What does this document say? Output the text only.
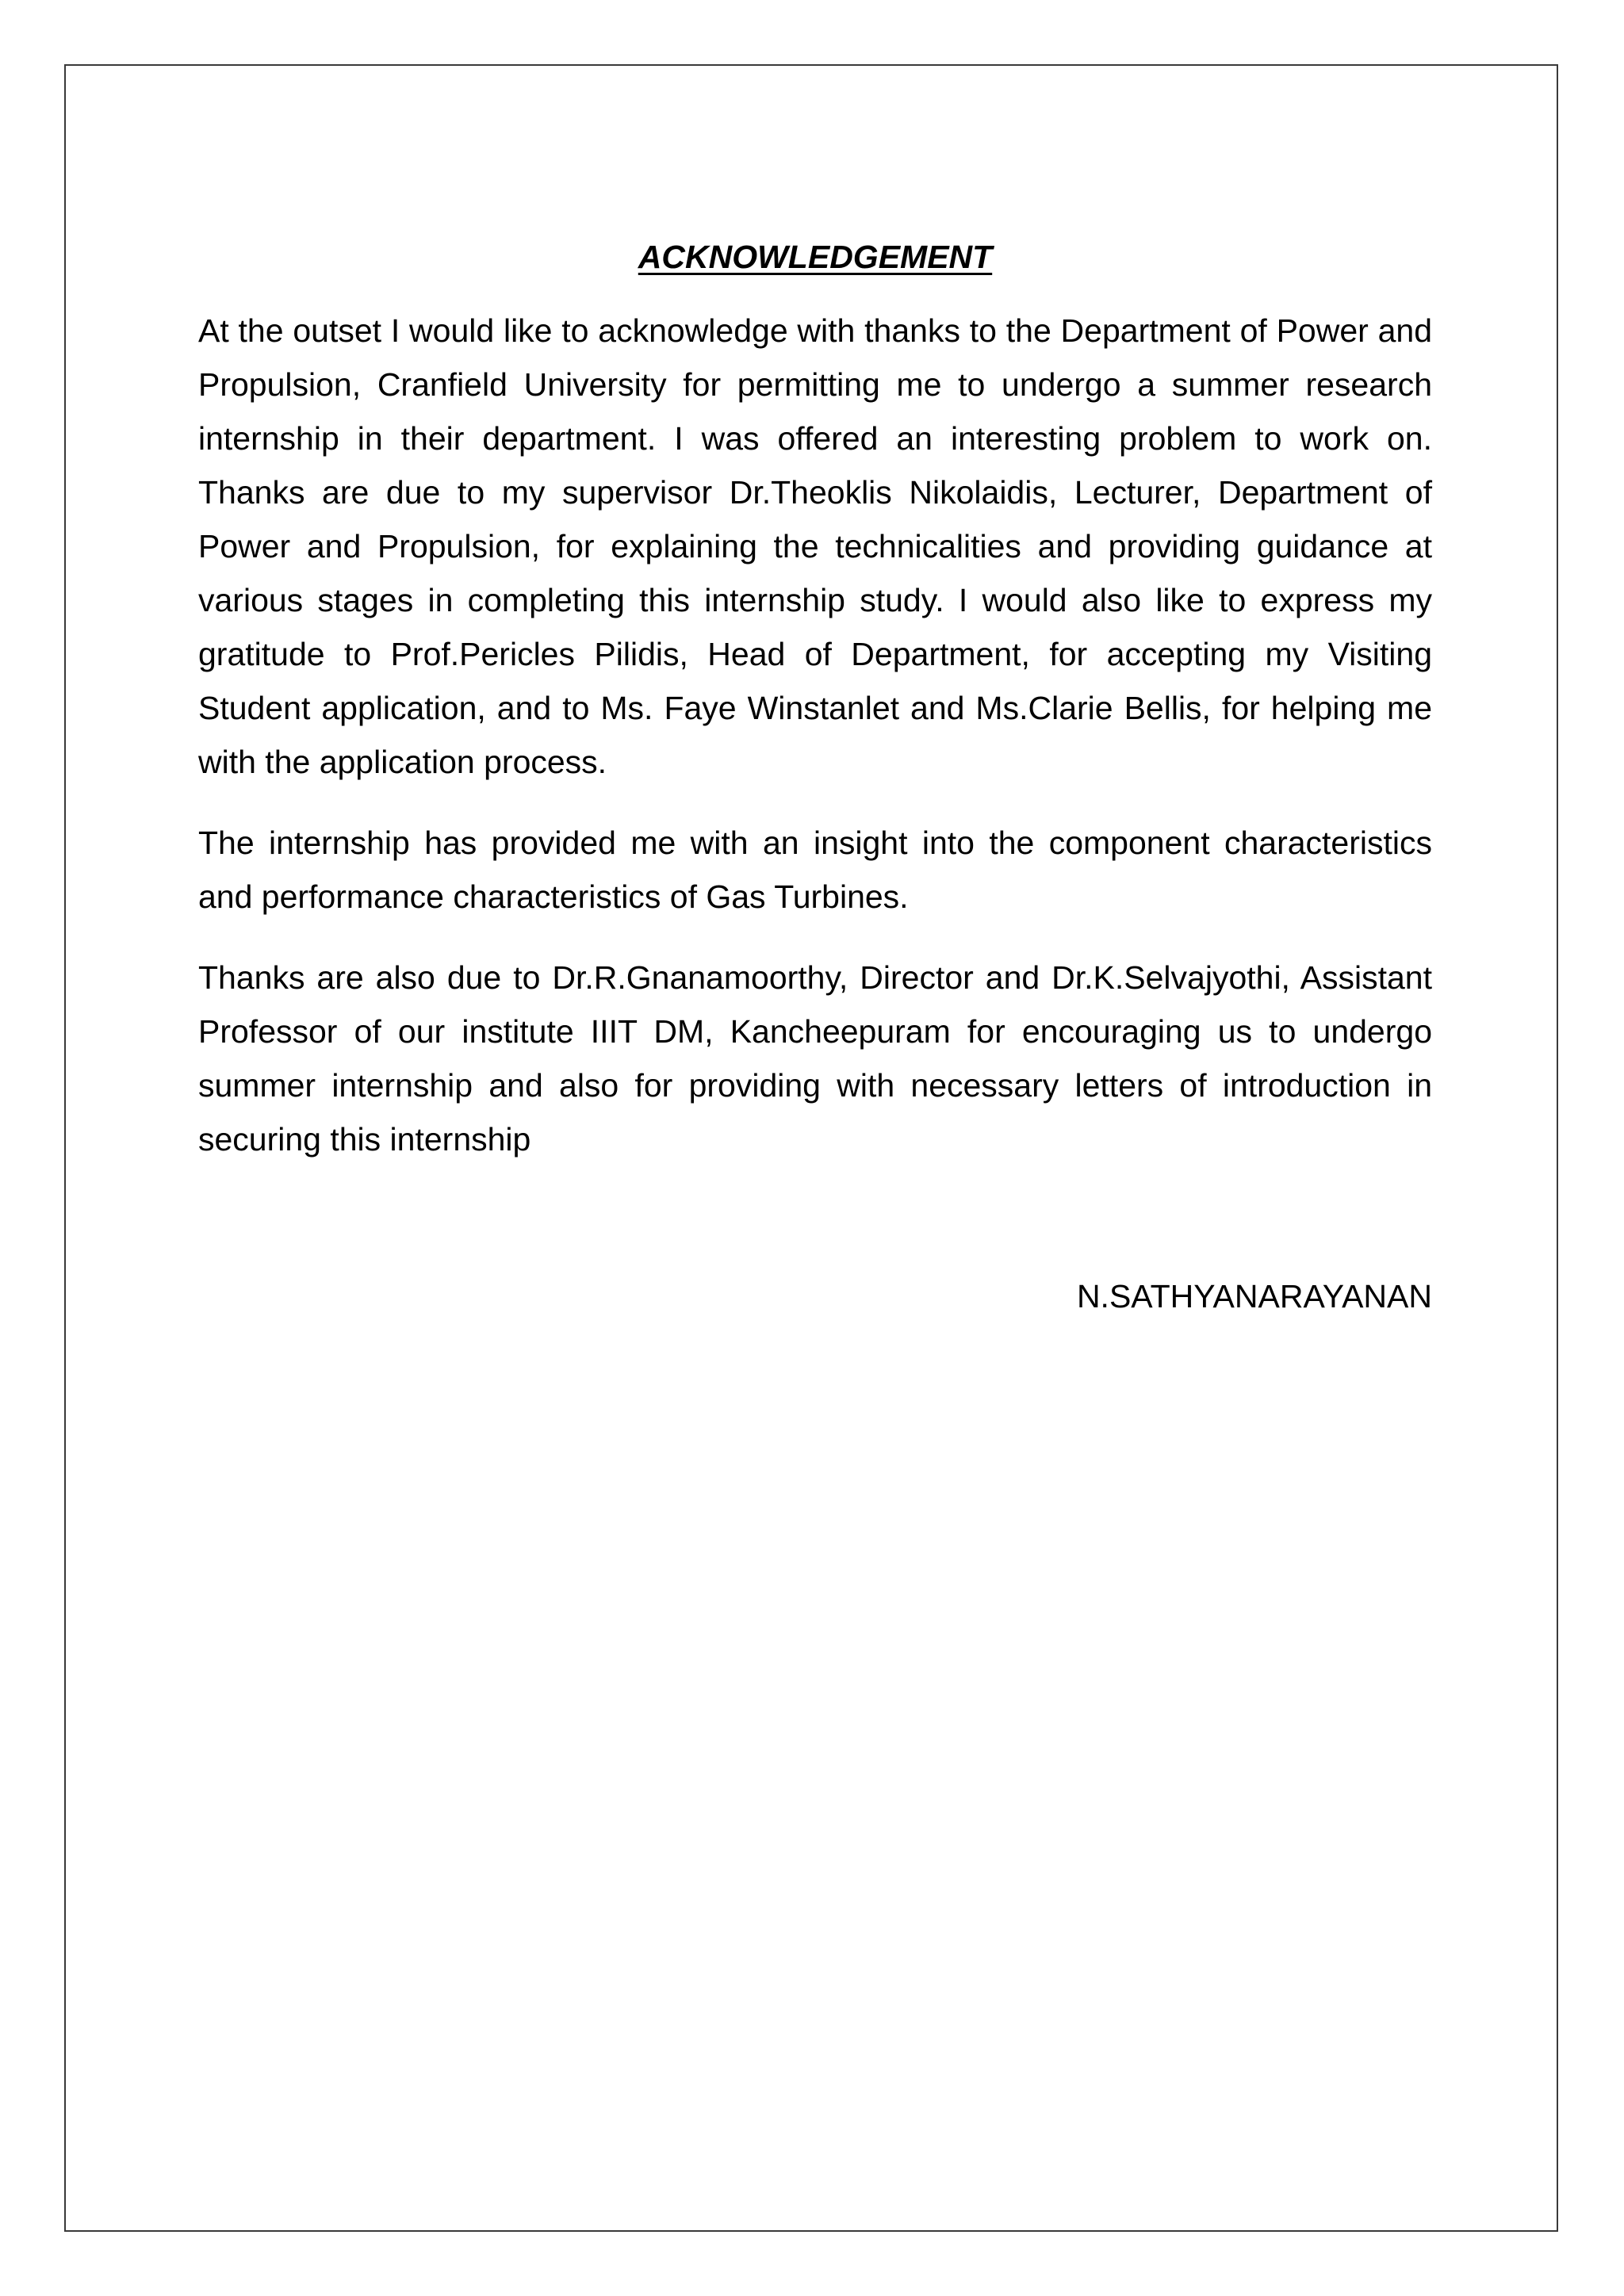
ACKNOWLEDGEMENT

At the outset I would like to acknowledge with thanks to the Department of Power and Propulsion, Cranfield University for permitting me to undergo a summer research internship in their department. I was offered an interesting problem to work on. Thanks are due to my supervisor Dr.Theoklis Nikolaidis, Lecturer, Department of Power and Propulsion, for explaining the technicalities and providing guidance at various stages in completing this internship study. I would also like to express my gratitude to Prof.Pericles Pilidis, Head of Department, for accepting my Visiting Student application, and to Ms. Faye Winstanlet and Ms.Clarie Bellis, for helping me with the application process.

The internship has provided me with an insight into the component characteristics and performance characteristics of Gas Turbines.

Thanks are also due to Dr.R.Gnanamoorthy, Director and Dr.K.Selvajyothi, Assistant Professor of our institute IIIT DM, Kancheepuram for encouraging us to undergo summer internship and also for providing with necessary letters of introduction in securing this internship

N.SATHYANARAYANAN
